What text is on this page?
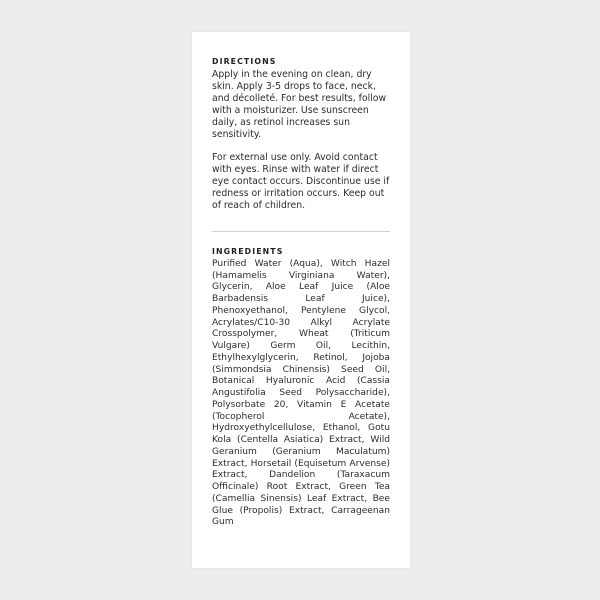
DIRECTIONS

Apply in the evening on clean, dry skin. Apply 3-5 drops to face, neck, and décolleté. For best results, follow with a moisturizer. Use sunscreen daily, as retinol increases sun sensitivity.

For external use only. Avoid contact with eyes. Rinse with water if direct eye contact occurs. Discontinue use if redness or irritation occurs. Keep out of reach of children.

INGREDIENTS

Purified Water (Aqua), Witch Hazel (Hamamelis Virginiana Water), Glycerin, Aloe Leaf Juice (Aloe Barbadensis Leaf Juice), Phenoxyethanol, Pentylene Glycol, Acrylates/C10-30 Alkyl Acrylate Crosspolymer, Wheat (Triticum Vulgare) Germ Oil, Lecithin, Ethylhexylglycerin, Retinol, Jojoba (Simmondsia Chinensis) Seed Oil, Botanical Hyaluronic Acid (Cassia Angustifolia Seed Polysaccharide), Polysorbate 20, Vitamin E Acetate (Tocopherol Acetate), Hydroxyethylcellulose, Ethanol, Gotu Kola (Centella Asiatica) Extract, Wild Geranium (Geranium Maculatum) Extract, Horsetail (Equisetum Arvense) Extract, Dandelion (Taraxacum Officinale) Root Extract, Green Tea (Camellia Sinensis) Leaf Extract, Bee Glue (Propolis) Extract, Carrageenan Gum
